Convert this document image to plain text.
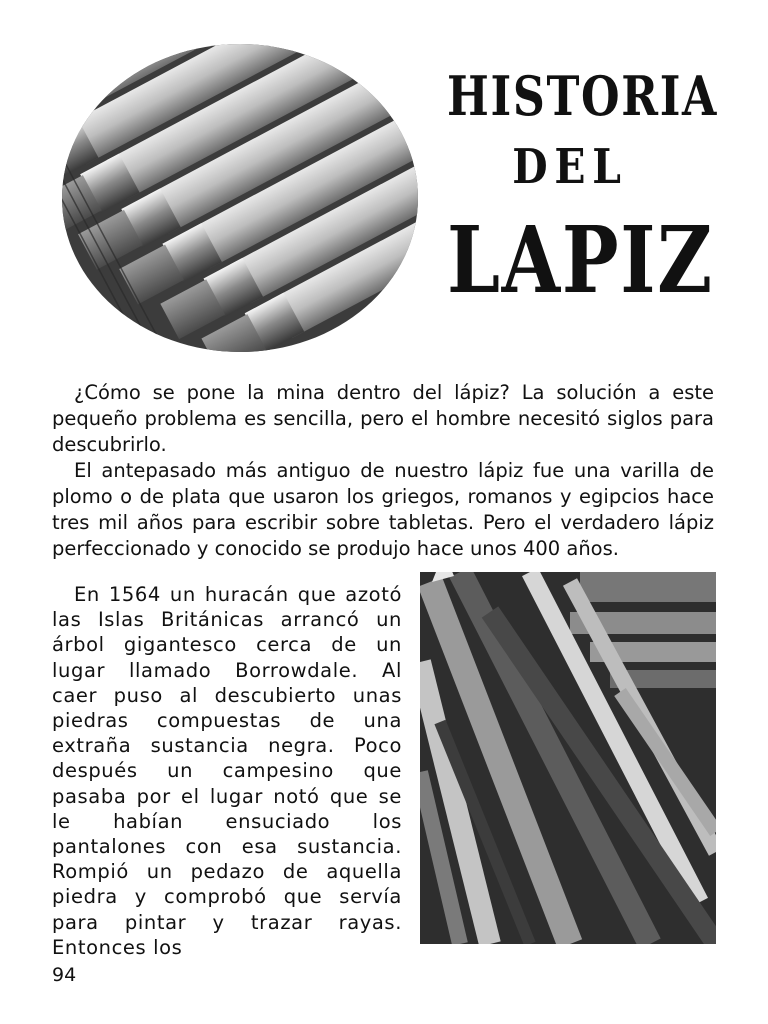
HISTORIA
DEL
LAPIZ

¿Cómo se pone la mina dentro del lápiz? La solución a este pequeño problema es sencilla, pero el hombre necesitó siglos para descubrirlo.

El antepasado más antiguo de nuestro lápiz fue una varilla de plomo o de plata que usaron los griegos, romanos y egipcios hace tres mil años para escribir sobre tabletas. Pero el verdadero lápiz perfeccionado y conocido se produjo hace unos 400 años.

En 1564 un huracán que azotó las Islas Británicas arrancó un árbol gigantesco cerca de un lugar llamado Borrowdale. Al caer puso al descubierto unas piedras compuestas de una extraña sustancia negra. Poco después un campesino que pasaba por el lugar notó que se le habían ensuciado los pantalones con esa sustancia. Rompió un pedazo de aquella piedra y comprobó que servía para pintar y trazar rayas. Entonces los

94
